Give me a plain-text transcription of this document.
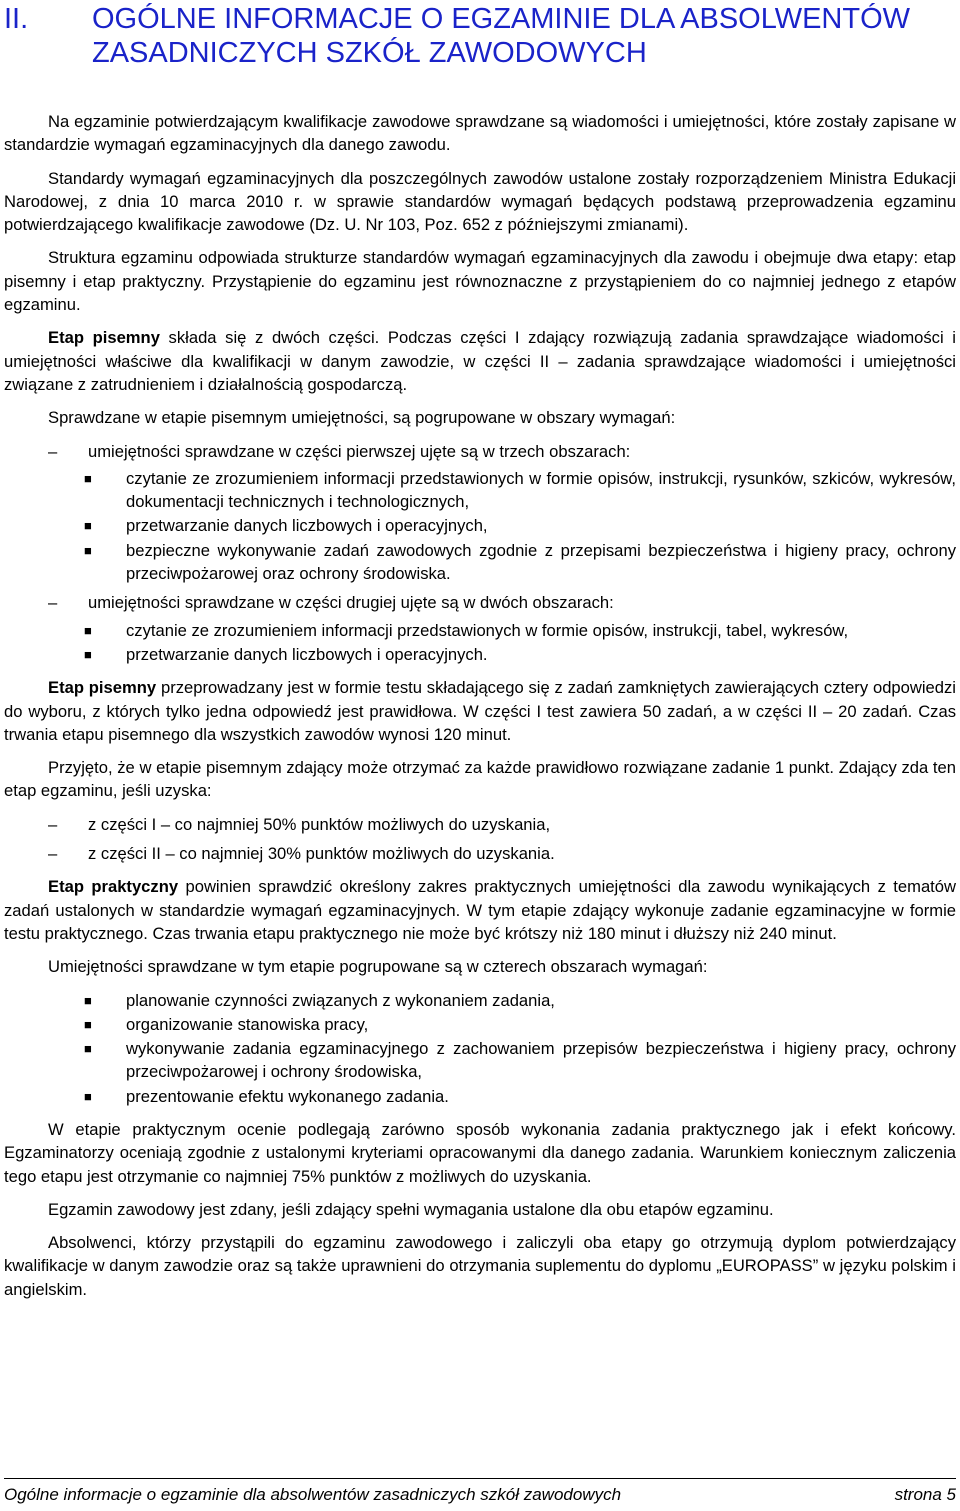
II.	OGÓLNE INFORMACJE O EGZAMINIE DLA ABSOLWENTÓW ZASADNICZYCH SZKÓŁ ZAWODOWYCH

Na egzaminie potwierdzającym kwalifikacje zawodowe sprawdzane są wiadomości i umiejętności, które zostały zapisane w standardzie wymagań egzaminacyjnych dla danego zawodu.

Standardy wymagań egzaminacyjnych dla poszczególnych zawodów ustalone zostały rozporządzeniem Ministra Edukacji Narodowej, z dnia 10 marca 2010 r. w sprawie standardów wymagań będących podstawą przeprowadzenia egzaminu potwierdzającego kwalifikacje zawodowe (Dz. U. Nr 103, Poz. 652 z późniejszymi zmianami).

Struktura egzaminu odpowiada strukturze standardów wymagań egzaminacyjnych dla zawodu i obejmuje dwa etapy: etap pisemny i etap praktyczny. Przystąpienie do egzaminu jest równoznaczne z przystąpieniem do co najmniej jednego z etapów egzaminu.

Etap pisemny składa się z dwóch części. Podczas części I zdający rozwiązują zadania sprawdzające wiadomości i umiejętności właściwe dla kwalifikacji w danym zawodzie, w części II – zadania sprawdzające wiadomości i umiejętności związane z zatrudnieniem i działalnością gospodarczą.

Sprawdzane w etapie pisemnym umiejętności, są pogrupowane w obszary wymagań:

– umiejętności sprawdzane w części pierwszej ujęte są w trzech obszarach:
■ czytanie ze zrozumieniem informacji przedstawionych w formie opisów, instrukcji, rysunków, szkiców, wykresów, dokumentacji technicznych i technologicznych,
■ przetwarzanie danych liczbowych i operacyjnych,
■ bezpieczne wykonywanie zadań zawodowych zgodnie z przepisami bezpieczeństwa i higieny pracy, ochrony przeciwpożarowej oraz ochrony środowiska.
– umiejętności sprawdzane w części drugiej ujęte są w dwóch obszarach:
■ czytanie ze zrozumieniem informacji przedstawionych w formie opisów, instrukcji, tabel, wykresów,
■ przetwarzanie danych liczbowych i operacyjnych.

Etap pisemny przeprowadzany jest w formie testu składającego się z zadań zamkniętych zawierających cztery odpowiedzi do wyboru, z których tylko jedna odpowiedź jest prawidłowa. W części I test zawiera 50 zadań, a w części II – 20 zadań. Czas trwania etapu pisemnego dla wszystkich zawodów wynosi 120 minut.

Przyjęto, że w etapie pisemnym zdający może otrzymać za każde prawidłowo rozwiązane zadanie 1 punkt. Zdający zda ten etap egzaminu, jeśli uzyska:

– z części I – co najmniej 50% punktów możliwych do uzyskania,
– z części II – co najmniej 30% punktów możliwych do uzyskania.

Etap praktyczny powinien sprawdzić określony zakres praktycznych umiejętności dla zawodu wynikających z tematów zadań ustalonych w standardzie wymagań egzaminacyjnych. W tym etapie zdający wykonuje zadanie egzaminacyjne w formie testu praktycznego. Czas trwania etapu praktycznego nie może być krótszy niż 180 minut i dłuższy niż 240 minut.

Umiejętności sprawdzane w tym etapie pogrupowane są w czterech obszarach wymagań:

■ planowanie czynności związanych z wykonaniem zadania,
■ organizowanie stanowiska pracy,
■ wykonywanie zadania egzaminacyjnego z zachowaniem przepisów bezpieczeństwa i higieny pracy, ochrony przeciwpożarowej i ochrony środowiska,
■ prezentowanie efektu wykonanego zadania.

W etapie praktycznym ocenie podlegają zarówno sposób wykonania zadania praktycznego jak i efekt końcowy. Egzaminatorzy oceniają zgodnie z ustalonymi kryteriami opracowanymi dla danego zadania. Warunkiem koniecznym zaliczenia tego etapu jest otrzymanie co najmniej 75% punktów z możliwych do uzyskania.

Egzamin zawodowy jest zdany, jeśli zdający spełni wymagania ustalone dla obu etapów egzaminu.

Absolwenci, którzy przystąpili do egzaminu zawodowego i zaliczyli oba etapy go otrzymują dyplom potwierdzający kwalifikacje w danym zawodzie oraz są także uprawnieni do otrzymania suplementu do dyplomu „EUROPASS” w języku polskim i angielskim.

Ogólne informacje o egzaminie dla absolwentów zasadniczych szkół zawodowych	strona 5
